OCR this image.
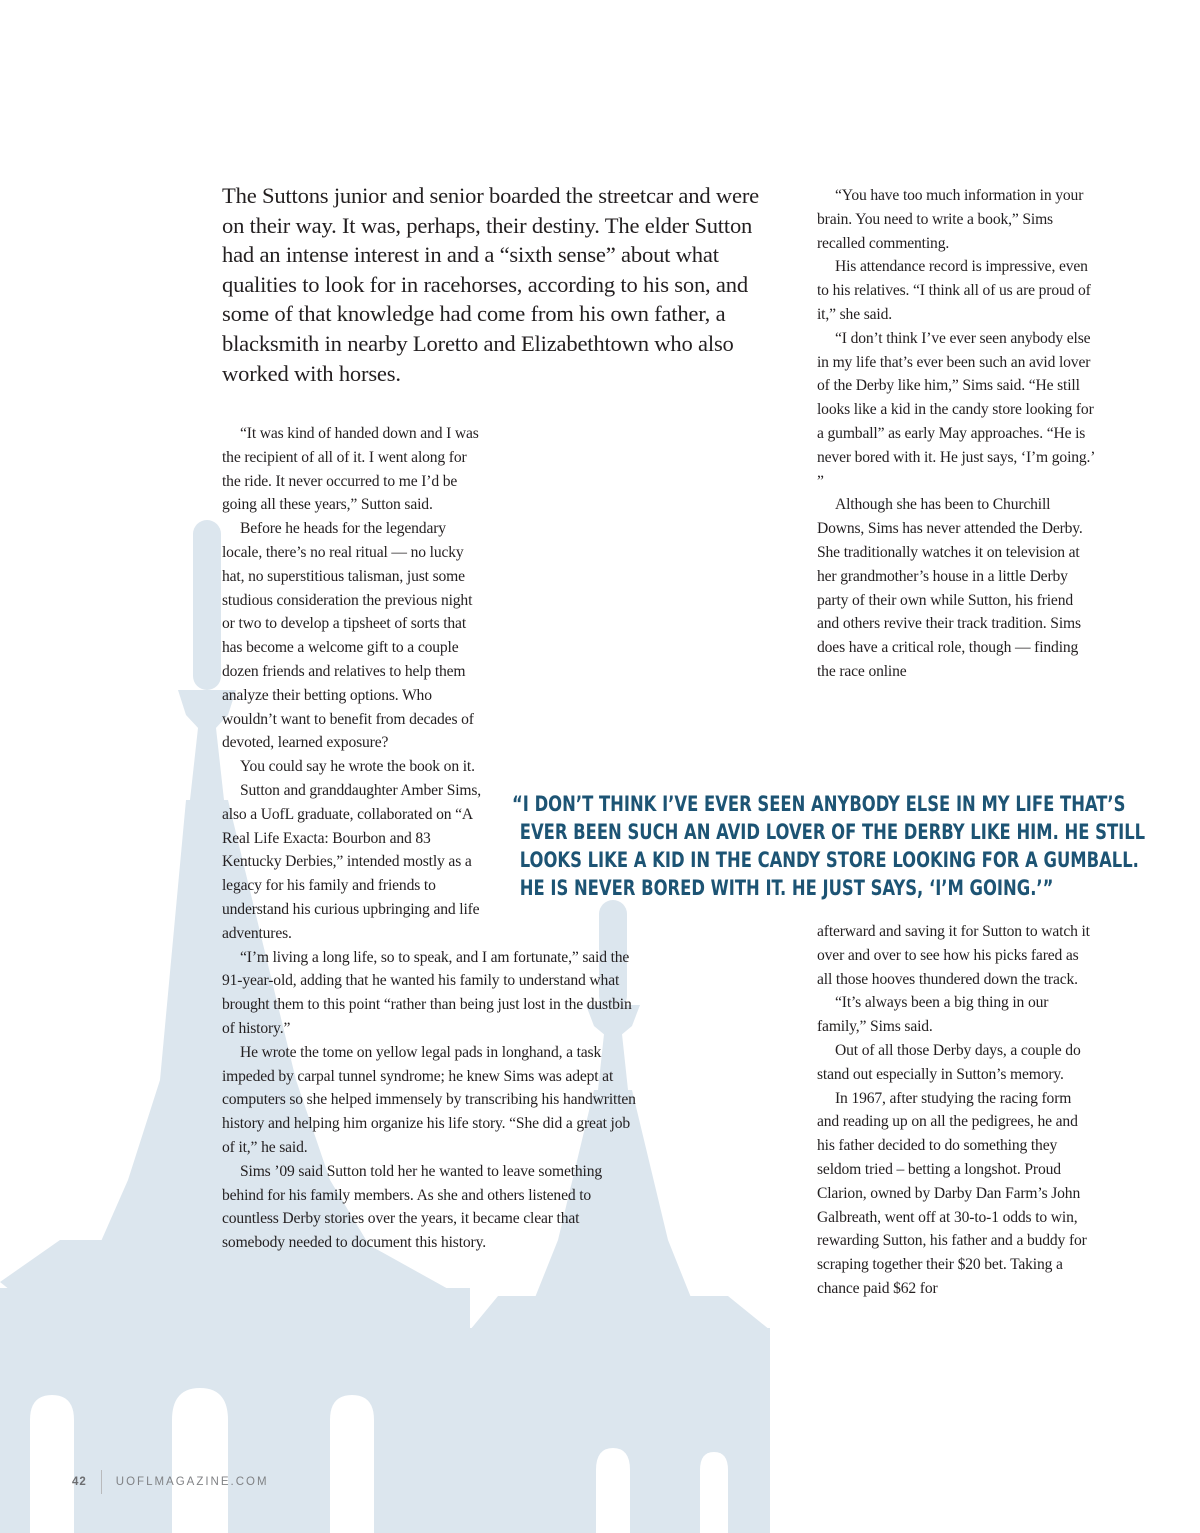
The Suttons junior and senior boarded the streetcar and were on their way. It was, perhaps, their destiny. The elder Sutton had an intense interest in and a “sixth sense” about what qualities to look for in racehorses, according to his son, and some of that knowledge had come from his own father, a blacksmith in nearby Loretto and Elizabethtown who also worked with horses.

“It was kind of handed down and I was the recipient of all of it. I went along for the ride. It never occurred to me I’d be going all these years,” Sutton said.

Before he heads for the legendary locale, there’s no real ritual — no lucky hat, no superstitious talisman, just some studious consideration the previous night or two to develop a tipsheet of sorts that has become a welcome gift to a couple dozen friends and relatives to help them analyze their betting options. Who wouldn’t want to benefit from decades of devoted, learned exposure?

You could say he wrote the book on it.

Sutton and granddaughter Amber Sims, also a UofL graduate, collaborated on “A Real Life Exacta: Bourbon and 83 Kentucky Derbies,” intended mostly as a legacy for his family and friends to understand his curious upbringing and life adventures.

“I’m living a long life, so to speak, and I am fortunate,” said the 91-year-old, adding that he wanted his family to understand what brought them to this point “rather than being just lost in the dustbin of history.”

He wrote the tome on yellow legal pads in longhand, a task impeded by carpal tunnel syndrome; he knew Sims was adept at computers so she helped immensely by transcribing his handwritten history and helping him organize his life story. “She did a great job of it,” he said.

Sims ’09 said Sutton told her he wanted to leave something behind for his family members. As she and others listened to countless Derby stories over the years, it became clear that somebody needed to document this history.

“You have too much information in your brain. You need to write a book,” Sims recalled commenting.

His attendance record is impressive, even to his relatives. “I think all of us are proud of it,” she said.

“I don’t think I’ve ever seen anybody else in my life that’s ever been such an avid lover of the Derby like him,” Sims said. “He still looks like a kid in the candy store looking for a gumball” as early May approaches. “He is never bored with it. He just says, ‘I’m going.’ ”

Although she has been to Churchill Downs, Sims has never attended the Derby. She traditionally watches it on television at her grandmother’s house in a little Derby party of their own while Sutton, his friend and others revive their track tradition. Sims does have a critical role, though — finding the race online

“I DON’T THINK I’VE EVER SEEN ANYBODY ELSE IN MY LIFE THAT’S
EVER BEEN SUCH AN AVID LOVER OF THE DERBY LIKE HIM. HE STILL
LOOKS LIKE A KID IN THE CANDY STORE LOOKING FOR A GUMBALL.
HE IS NEVER BORED WITH IT. HE JUST SAYS, ‘I’M GOING.’”

afterward and saving it for Sutton to watch it over and over to see how his picks fared as all those hooves thundered down the track.

“It’s always been a big thing in our family,” Sims said.

Out of all those Derby days, a couple do stand out especially in Sutton’s memory.

In 1967, after studying the racing form and reading up on all the pedigrees, he and his father decided to do something they seldom tried – betting a longshot. Proud Clarion, owned by Darby Dan Farm’s John Galbreath, went off at 30-to-1 odds to win, rewarding Sutton, his father and a buddy for scraping together their $20 bet. Taking a chance paid $62 for

42	UOFLMAGAZINE.COM
